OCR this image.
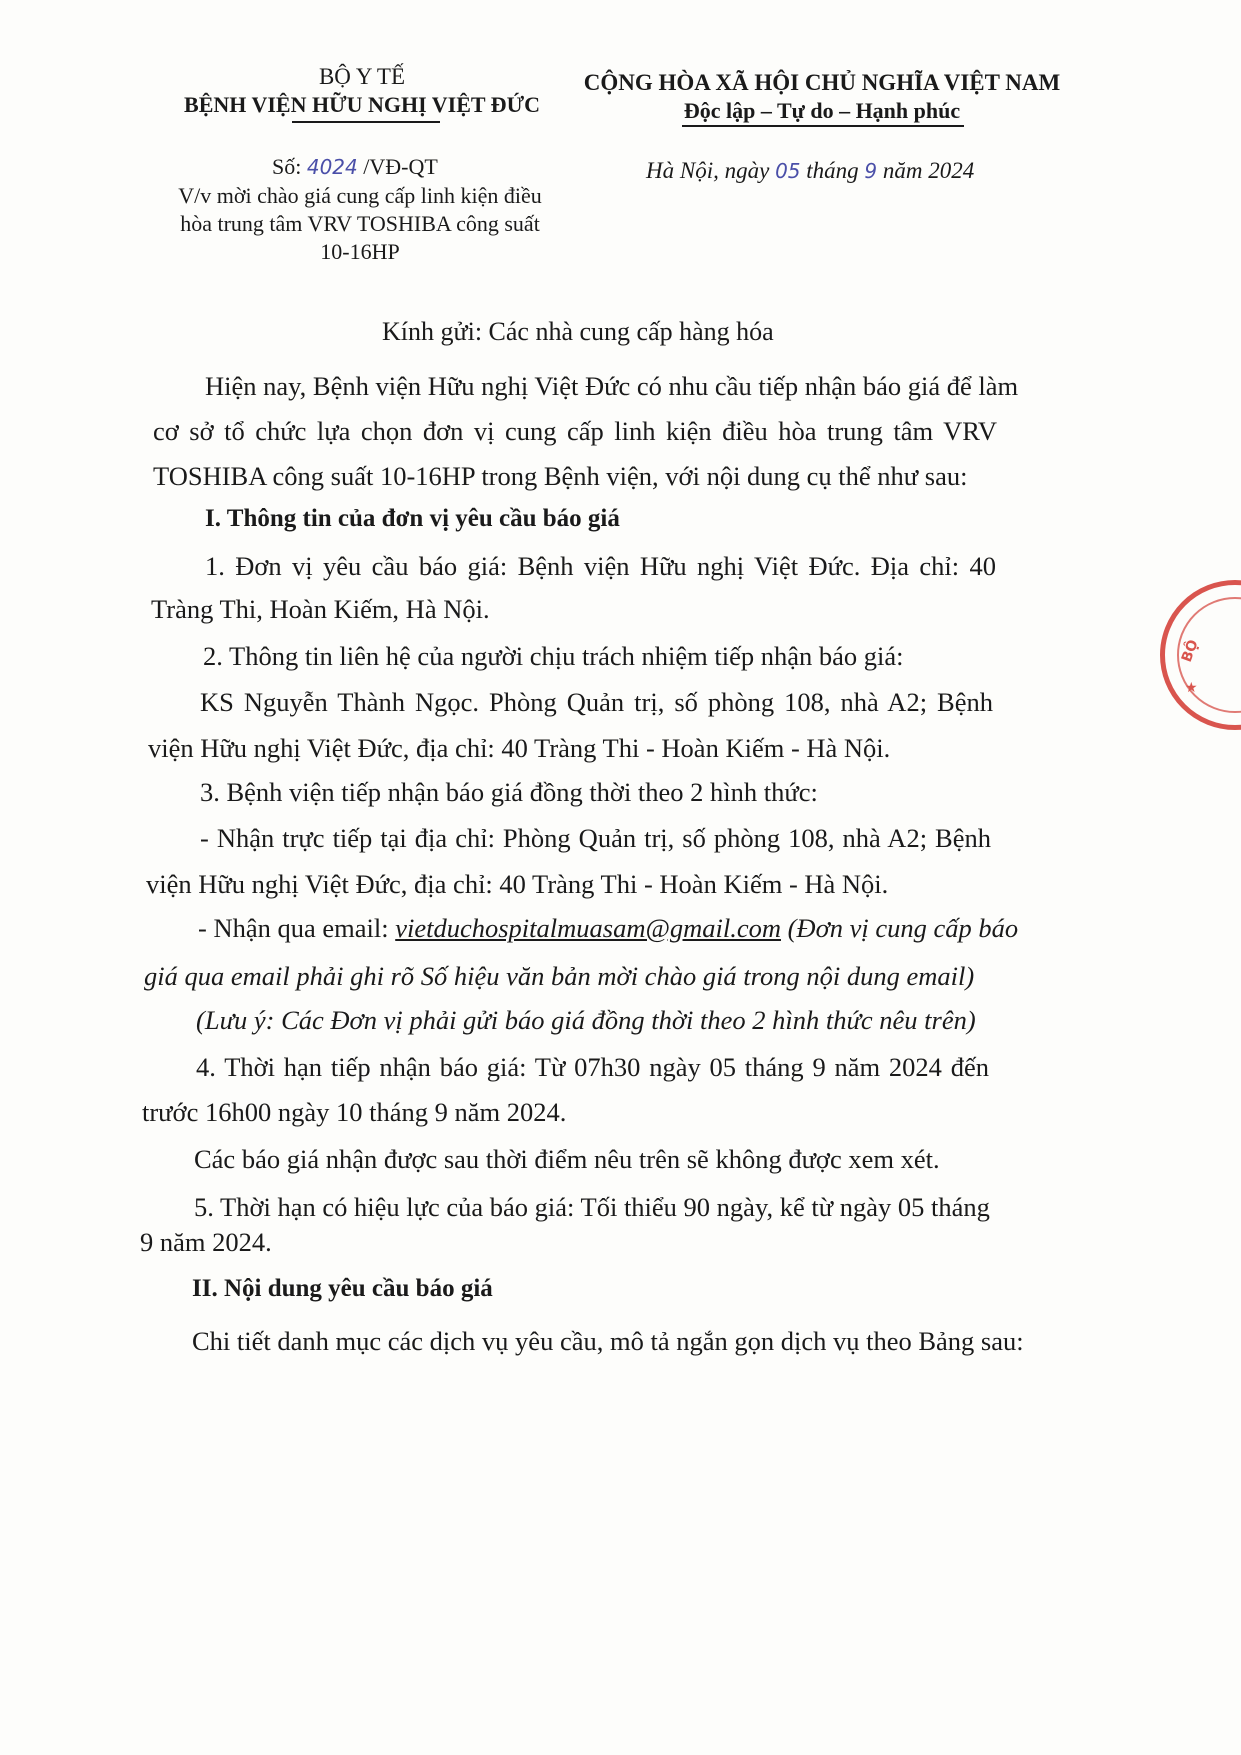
BỘ Y TẾ
BỆNH VIỆN HỮU NGHỊ VIỆT ĐỨC
CỘNG HÒA XÃ HỘI CHỦ NGHĨA VIỆT NAM
Độc lập – Tự do – Hạnh phúc
Số: 4024 /VĐ-QT
V/v mời chào giá cung cấp linh kiện điều
hòa trung tâm VRV TOSHIBA công suất
10-16HP
Hà Nội, ngày 05 tháng 9 năm 2024
Kính gửi: Các nhà cung cấp hàng hóa
Hiện nay, Bệnh viện Hữu nghị Việt Đức có nhu cầu tiếp nhận báo giá để làm
cơ sở tổ chức lựa chọn đơn vị cung cấp linh kiện điều hòa trung tâm VRV
TOSHIBA công suất 10-16HP trong Bệnh viện, với nội dung cụ thể như sau:
I. Thông tin của đơn vị yêu cầu báo giá
1. Đơn vị yêu cầu báo giá: Bệnh viện Hữu nghị Việt Đức. Địa chỉ: 40
Tràng Thi, Hoàn Kiếm, Hà Nội.
2. Thông tin liên hệ của người chịu trách nhiệm tiếp nhận báo giá:
KS Nguyễn Thành Ngọc. Phòng Quản trị, số phòng 108, nhà A2; Bệnh
viện Hữu nghị Việt Đức, địa chỉ: 40 Tràng Thi - Hoàn Kiếm - Hà Nội.
3. Bệnh viện tiếp nhận báo giá đồng thời theo 2 hình thức:
- Nhận trực tiếp tại địa chỉ: Phòng Quản trị, số phòng 108, nhà A2; Bệnh
viện Hữu nghị Việt Đức, địa chỉ: 40 Tràng Thi - Hoàn Kiếm - Hà Nội.
- Nhận qua email: vietduchospitalmuasam@gmail.com (Đơn vị cung cấp báo
giá qua email phải ghi rõ Số hiệu văn bản mời chào giá trong nội dung email)
(Lưu ý: Các Đơn vị phải gửi báo giá đồng thời theo 2 hình thức nêu trên)
4. Thời hạn tiếp nhận báo giá: Từ 07h30 ngày 05 tháng 9 năm 2024 đến
trước 16h00 ngày 10 tháng 9 năm 2024.
Các báo giá nhận được sau thời điểm nêu trên sẽ không được xem xét.
5. Thời hạn có hiệu lực của báo giá: Tối thiểu 90 ngày, kể từ ngày 05 tháng
9 năm 2024.
II. Nội dung yêu cầu báo giá
Chi tiết danh mục các dịch vụ yêu cầu, mô tả ngắn gọn dịch vụ theo Bảng sau:
BỘ
★
